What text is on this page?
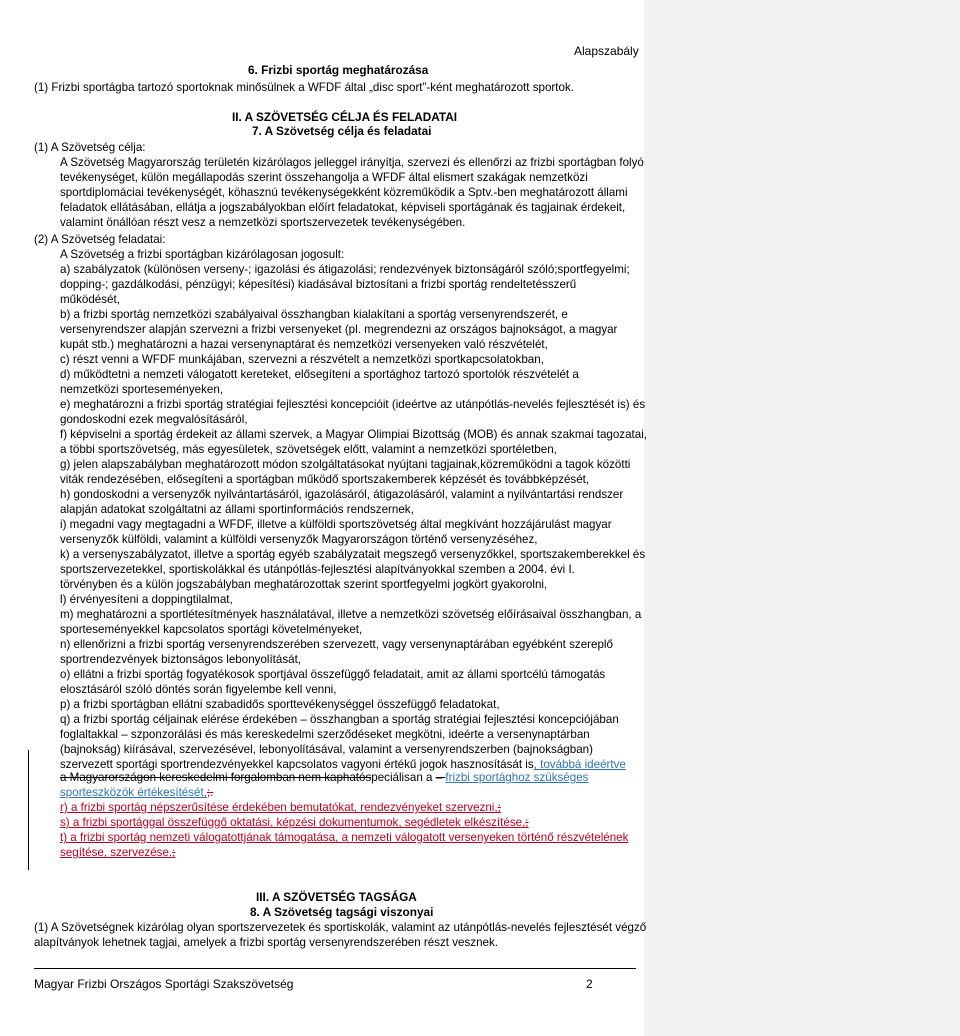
Alapszabály
6. Frizbi sportág meghatározása
(1) Frizbi sportágba tartozó sportoknak minősülnek a WFDF által „disc sport”-ként meghatározott sportok.
II. A SZÖVETSÉG CÉLJA ÉS FELADATAI
7. A Szövetség célja és feladatai
(1) A Szövetség célja:
A Szövetség Magyarország területén kizárólagos jelleggel irányítja, szervezi és ellenőrzi az frizbi sportágban folyó
tevékenységet, külön megállapodás szerint összehangolja a WFDF által elismert szakágak nemzetközi
sportdiplomáciai tevékenységét, köhasznú tevékenységekként közreműködik a Sptv.-ben meghatározott állami
feladatok ellátásában, ellátja a jogszabályokban előírt feladatokat, képviseli sportágának és tagjainak érdekeit,
valamint önállóan részt vesz a nemzetközi sportszervezetek tevékenységében.
(2) A Szövetség feladatai:
A Szövetség a frizbi sportágban kizárólagosan jogosult:
a) szabályzatok (különösen verseny-; igazolási és átigazolási; rendezvények biztonságáról szóló;sportfegyelmi;
dopping-; gazdálkodási, pénzügyi; képesítési) kiadásával biztosítani a frizbi sportág rendeltetésszerű
működését,
b) a frizbi sportág nemzetközi szabályaival összhangban kialakítani a sportág versenyrendszerét, e
versenyrendszer alapján szervezni a frizbi versenyeket (pl. megrendezni az országos bajnokságot, a magyar
kupát stb.) meghatározni a hazai versenynaptárat és nemzetközi versenyeken való részvételét,
c) részt venni a WFDF munkájában, szervezni a részvételt a nemzetközi sportkapcsolatokban,
d) működtetni a nemzeti válogatott kereteket, elősegíteni a sportághoz tartozó sportolók részvételét a
nemzetközi sporteseményeken,
e) meghatározni a frizbi sportág stratégiai fejlesztési koncepcióit (ideértve az utánpótlás-nevelés fejlesztését is) és
gondoskodni ezek megvalósításáról,
f) képviselni a sportág érdekeit az állami szervek, a Magyar Olimpiai Bizottság (MOB) és annak szakmai tagozatai,
a többi sportszövetség, más egyesületek, szövetségek előtt, valamint a nemzetközi sportéletben,
g) jelen alapszabályban meghatározott módon szolgáltatásokat nyújtani tagjainak,közreműködni a tagok közötti
viták rendezésében, elősegíteni a sportágban működő sportszakemberek képzését és továbbképzését,
h) gondoskodni a versenyzők nyilvántartásáról, igazolásáról, átigazolásáról, valamint a nyilvántartási rendszer
alapján adatokat szolgáltatni az állami sportinformációs rendszernek,
i) megadni vagy megtagadni a WFDF, illetve a külföldi sportszövetség által megkívánt hozzájárulást magyar
versenyzők külföldi, valamint a külföldi versenyzők Magyarországon történő versenyzéséhez,
k) a versenyszabályzatot, illetve a sportág egyéb szabályzatait megszegő versenyzőkkel, sportszakemberekkel és
sportszervezetekkel, sportiskolákkal és utánpótlás-fejlesztési alapítványokkal szemben a 2004. évi I.
törvényben és a külön jogszabályban meghatározottak szerint sportfegyelmi jogkört gyakorolni,
l) érvényesíteni a doppingtilalmat,
m) meghatározni a sportlétesítmények használatával, illetve a nemzetközi szövetség előírásaival összhangban, a
sporteseményekkel kapcsolatos sportági követelményeket,
n) ellenőrizni a frizbi sportág versenyrendszerében szervezett, vagy versenynaptárában egyébként szereplő
sportrendezvények biztonságos lebonyolítását,
o) ellátni a frizbi sportág fogyatékosok sportjával összefüggő feladatait, amit az állami sportcélú támogatás
elosztásáról szóló döntés során figyelembe kell venni,
p) a frizbi sportágban ellátni szabadidős sporttevékenységgel összefüggő feladatokat,
q) a frizbi sportág céljainak elérése érdekében – összhangban a sportág stratégiai fejlesztési koncepciójában
foglaltakkal – szponzorálási és más kereskedelmi szerződéseket megkötni, ideérte a versenynaptárban
(bajnokság) kiírásával, szervezésével, lebonyolításával, valamint a versenyrendszerben (bajnokságban)
szervezett sportági sportrendezvényekkel kapcsolatos vagyoni értékű jogok hasznosítását is, továbbá ideértve
a Magyarországon kereskedelmi forgalomban nem kaphatóspeciálisan a – frizbi sportághoz szükséges
sporteszközök értékesítését,;.
r) a frizbi sportág népszerűsítése érdekében bemutatókat, rendezvényeket szervezni,;
s) a frizbi sportággal összefüggő oktatási, képzési dokumentumok, segédletek elkészítése,;
t) a frizbi sportág nemzeti válogatottjának támogatása, a nemzeti válogatott versenyeken történő részvételének
segítése, szervezése.;
III. A SZÖVETSÉG TAGSÁGA
8. A Szövetség tagsági viszonyai
(1) A Szövetségnek kizárólag olyan sportszervezetek és sportiskolák, valamint az utánpótlás-nevelés fejlesztését végző
alapítványok lehetnek tagjai, amelyek a frizbi sportág versenyrendszerében részt vesznek.
Magyar Frizbi Országos Sportági Szakszövetség	2
